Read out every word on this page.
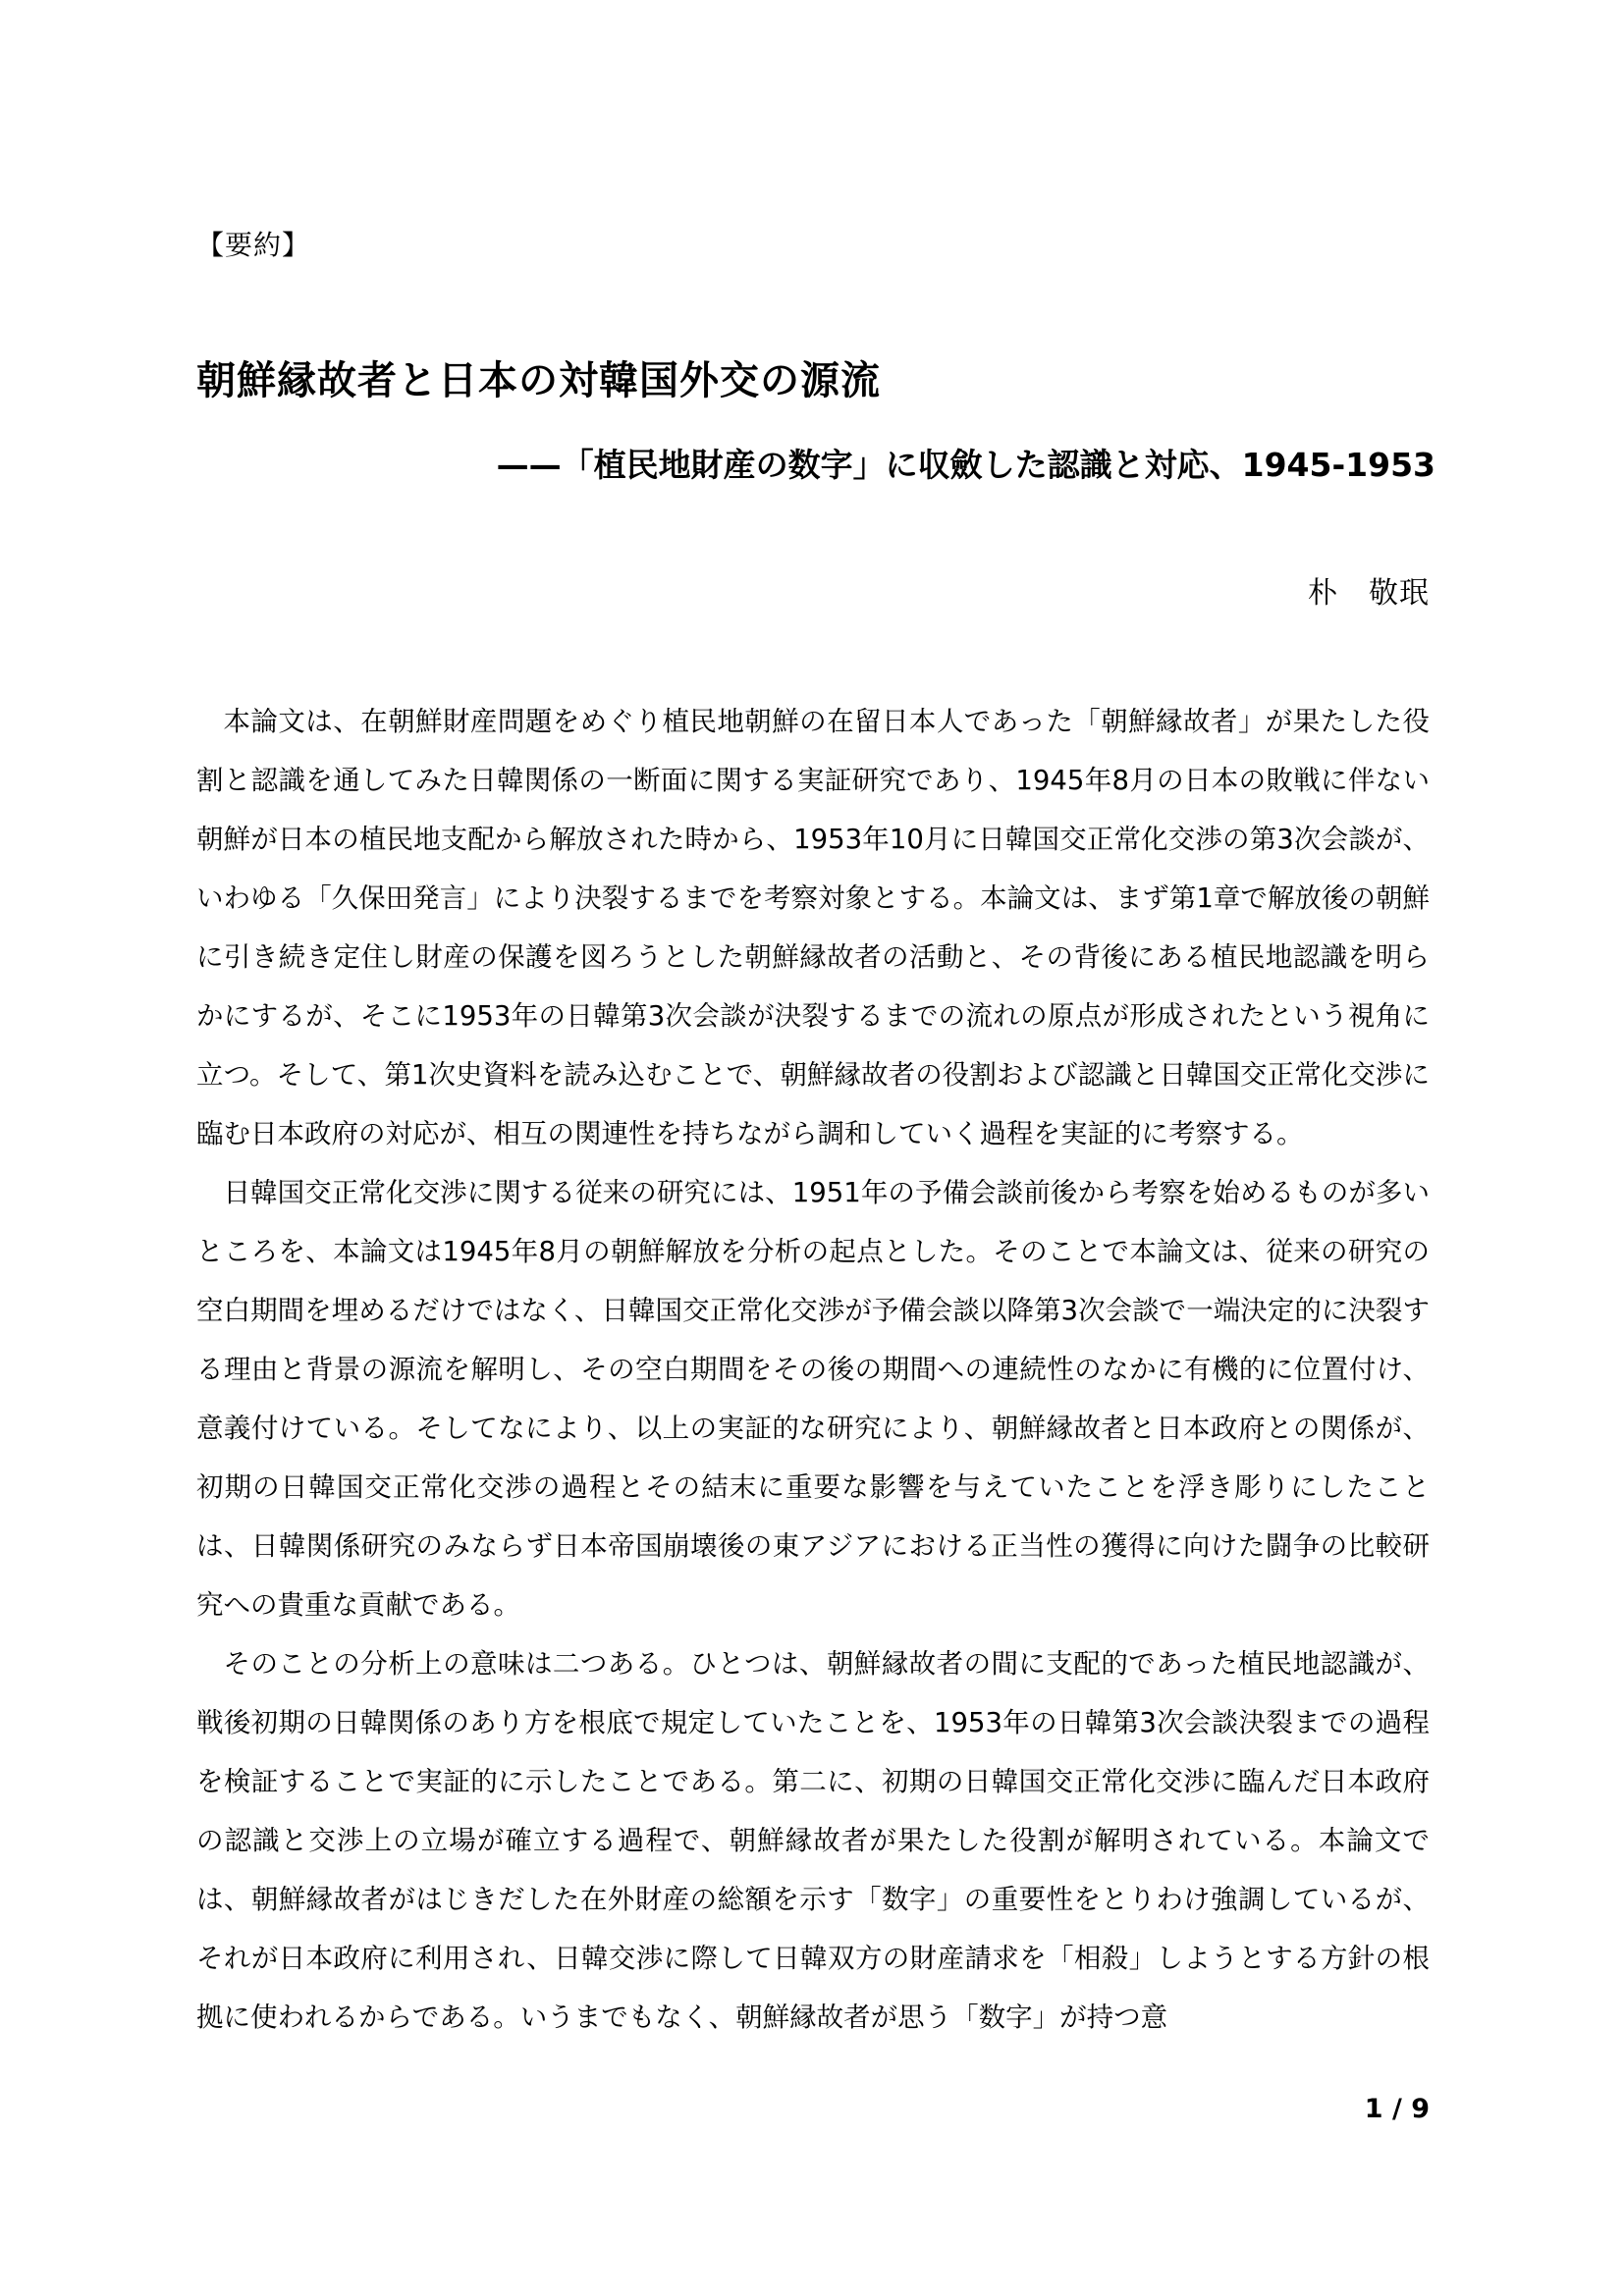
【要約】
朝鮮縁故者と日本の対韓国外交の源流
——「植民地財産の数字」に収斂した認識と対応、1945-1953
朴　敬珉

本論文は、在朝鮮財産問題をめぐり植民地朝鮮の在留日本人であった「朝鮮縁故者」が果たした役割と認識を通してみた日韓関係の一断面に関する実証研究であり、1945年8月の日本の敗戦に伴ない朝鮮が日本の植民地支配から解放された時から、1953年10月に日韓国交正常化交渉の第3次会談が、いわゆる「久保田発言」により決裂するまでを考察対象とする。本論文は、まず第1章で解放後の朝鮮に引き続き定住し財産の保護を図ろうとした朝鮮縁故者の活動と、その背後にある植民地認識を明らかにするが、そこに1953年の日韓第3次会談が決裂するまでの流れの原点が形成されたという視角に立つ。そして、第1次史資料を読み込むことで、朝鮮縁故者の役割および認識と日韓国交正常化交渉に臨む日本政府の対応が、相互の関連性を持ちながら調和していく過程を実証的に考察する。

日韓国交正常化交渉に関する従来の研究には、1951年の予備会談前後から考察を始めるものが多いところを、本論文は1945年8月の朝鮮解放を分析の起点とした。そのことで本論文は、従来の研究の空白期間を埋めるだけではなく、日韓国交正常化交渉が予備会談以降第3次会談で一端決定的に決裂する理由と背景の源流を解明し、その空白期間をその後の期間への連続性のなかに有機的に位置付け、意義付けている。そしてなにより、以上の実証的な研究により、朝鮮縁故者と日本政府との関係が、初期の日韓国交正常化交渉の過程とその結末に重要な影響を与えていたことを浮き彫りにしたことは、日韓関係研究のみならず日本帝国崩壊後の東アジアにおける正当性の獲得に向けた闘争の比較研究への貴重な貢献である。

そのことの分析上の意味は二つある。ひとつは、朝鮮縁故者の間に支配的であった植民地認識が、戦後初期の日韓関係のあり方を根底で規定していたことを、1953年の日韓第3次会談決裂までの過程を検証することで実証的に示したことである。第二に、初期の日韓国交正常化交渉に臨んだ日本政府の認識と交渉上の立場が確立する過程で、朝鮮縁故者が果たした役割が解明されている。本論文では、朝鮮縁故者がはじきだした在外財産の総額を示す「数字」の重要性をとりわけ強調しているが、それが日本政府に利用され、日韓交渉に際して日韓双方の財産請求を「相殺」しようとする方針の根拠に使われるからである。いうまでもなく、朝鮮縁故者が思う「数字」が持つ意

1 / 9
